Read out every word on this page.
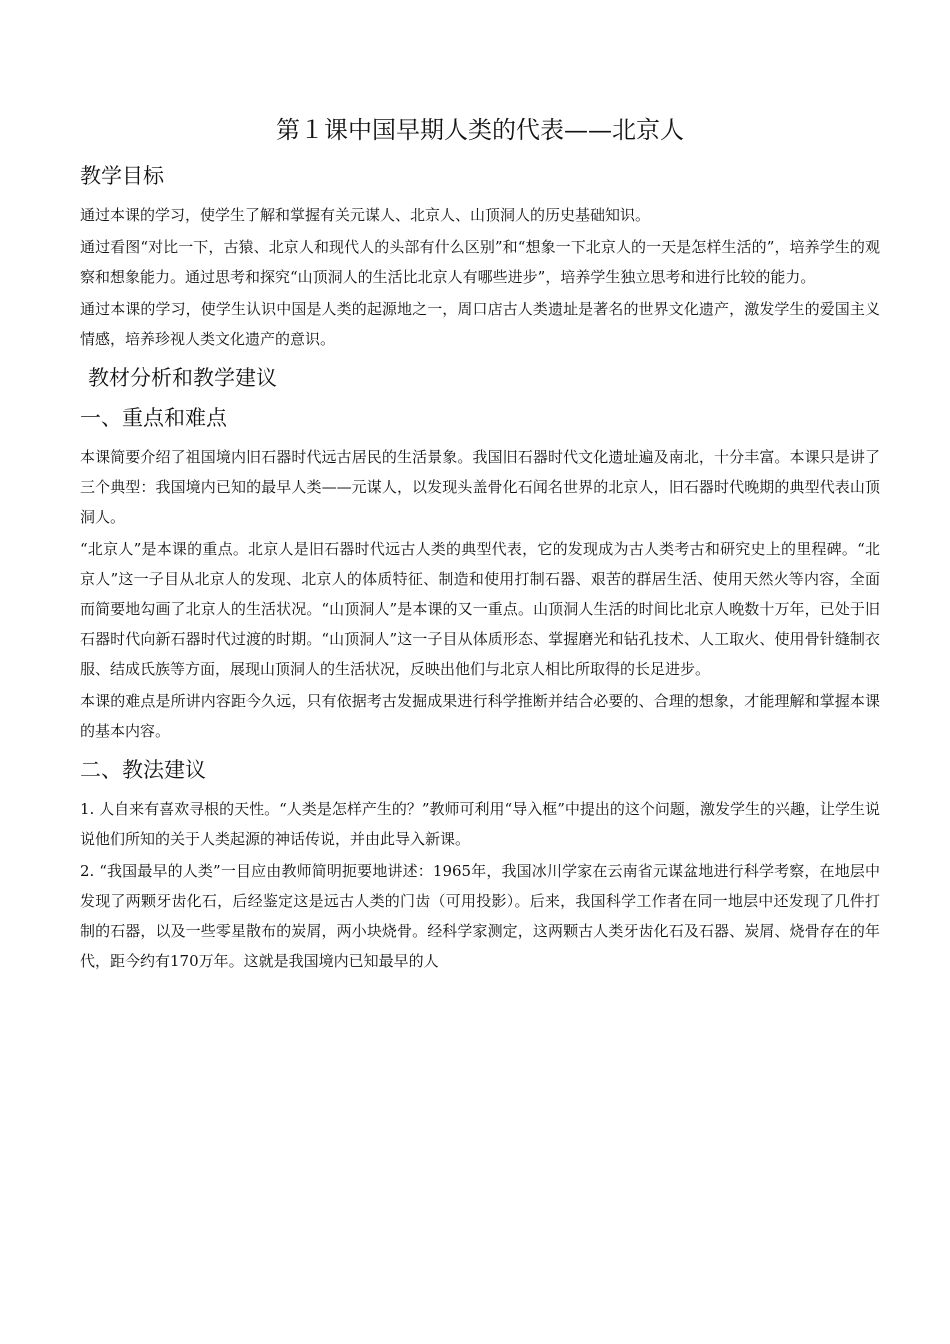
第１课中国早期人类的代表——北京人
教学目标

通过本课的学习，使学生了解和掌握有关元谋人、北京人、山顶洞人的历史基础知识。

通过看图“对比一下，古猿、北京人和现代人的头部有什么区别”和“想象一下北京人的一天是怎样生活的”，培养学生的观察和想象能力。通过思考和探究“山顶洞人的生活比北京人有哪些进步”，培养学生独立思考和进行比较的能力。

通过本课的学习，使学生认识中国是人类的起源地之一，周口店古人类遗址是著名的世界文化遗产，激发学生的爱国主义情感，培养珍视人类文化遗产的意识。

教材分析和教学建议
一、重点和难点

本课简要介绍了祖国境内旧石器时代远古居民的生活景象。我国旧石器时代文化遗址遍及南北，十分丰富。本课只是讲了三个典型：我国境内已知的最早人类——元谋人，以发现头盖骨化石闻名世界的北京人，旧石器时代晚期的典型代表山顶洞人。

“北京人”是本课的重点。北京人是旧石器时代远古人类的典型代表，它的发现成为古人类考古和研究史上的里程碑。“北京人”这一子目从北京人的发现、北京人的体质特征、制造和使用打制石器、艰苦的群居生活、使用天然火等内容，全面而简要地勾画了北京人的生活状况。“山顶洞人”是本课的又一重点。山顶洞人生活的时间比北京人晚数十万年，已处于旧石器时代向新石器时代过渡的时期。“山顶洞人”这一子目从体质形态、掌握磨光和钻孔技术、人工取火、使用骨针缝制衣服、结成氏族等方面，展现山顶洞人的生活状况，反映出他们与北京人相比所取得的长足进步。

本课的难点是所讲内容距今久远，只有依据考古发掘成果进行科学推断并结合必要的、合理的想象，才能理解和掌握本课的基本内容。

二、教法建议

1. 人自来有喜欢寻根的天性。“人类是怎样产生的？”教师可利用“导入框”中提出的这个问题，激发学生的兴趣，让学生说说他们所知的关于人类起源的神话传说，并由此导入新课。

2. “我国最早的人类”一目应由教师简明扼要地讲述：1965年，我国冰川学家在云南省元谋盆地进行科学考察，在地层中发现了两颗牙齿化石，后经鉴定这是远古人类的门齿（可用投影）。后来，我国科学工作者在同一地层中还发现了几件打制的石器，以及一些零星散布的炭屑，两小块烧骨。经科学家测定，这两颗古人类牙齿化石及石器、炭屑、烧骨存在的年代，距今约有170万年。这就是我国境内已知最早的人
